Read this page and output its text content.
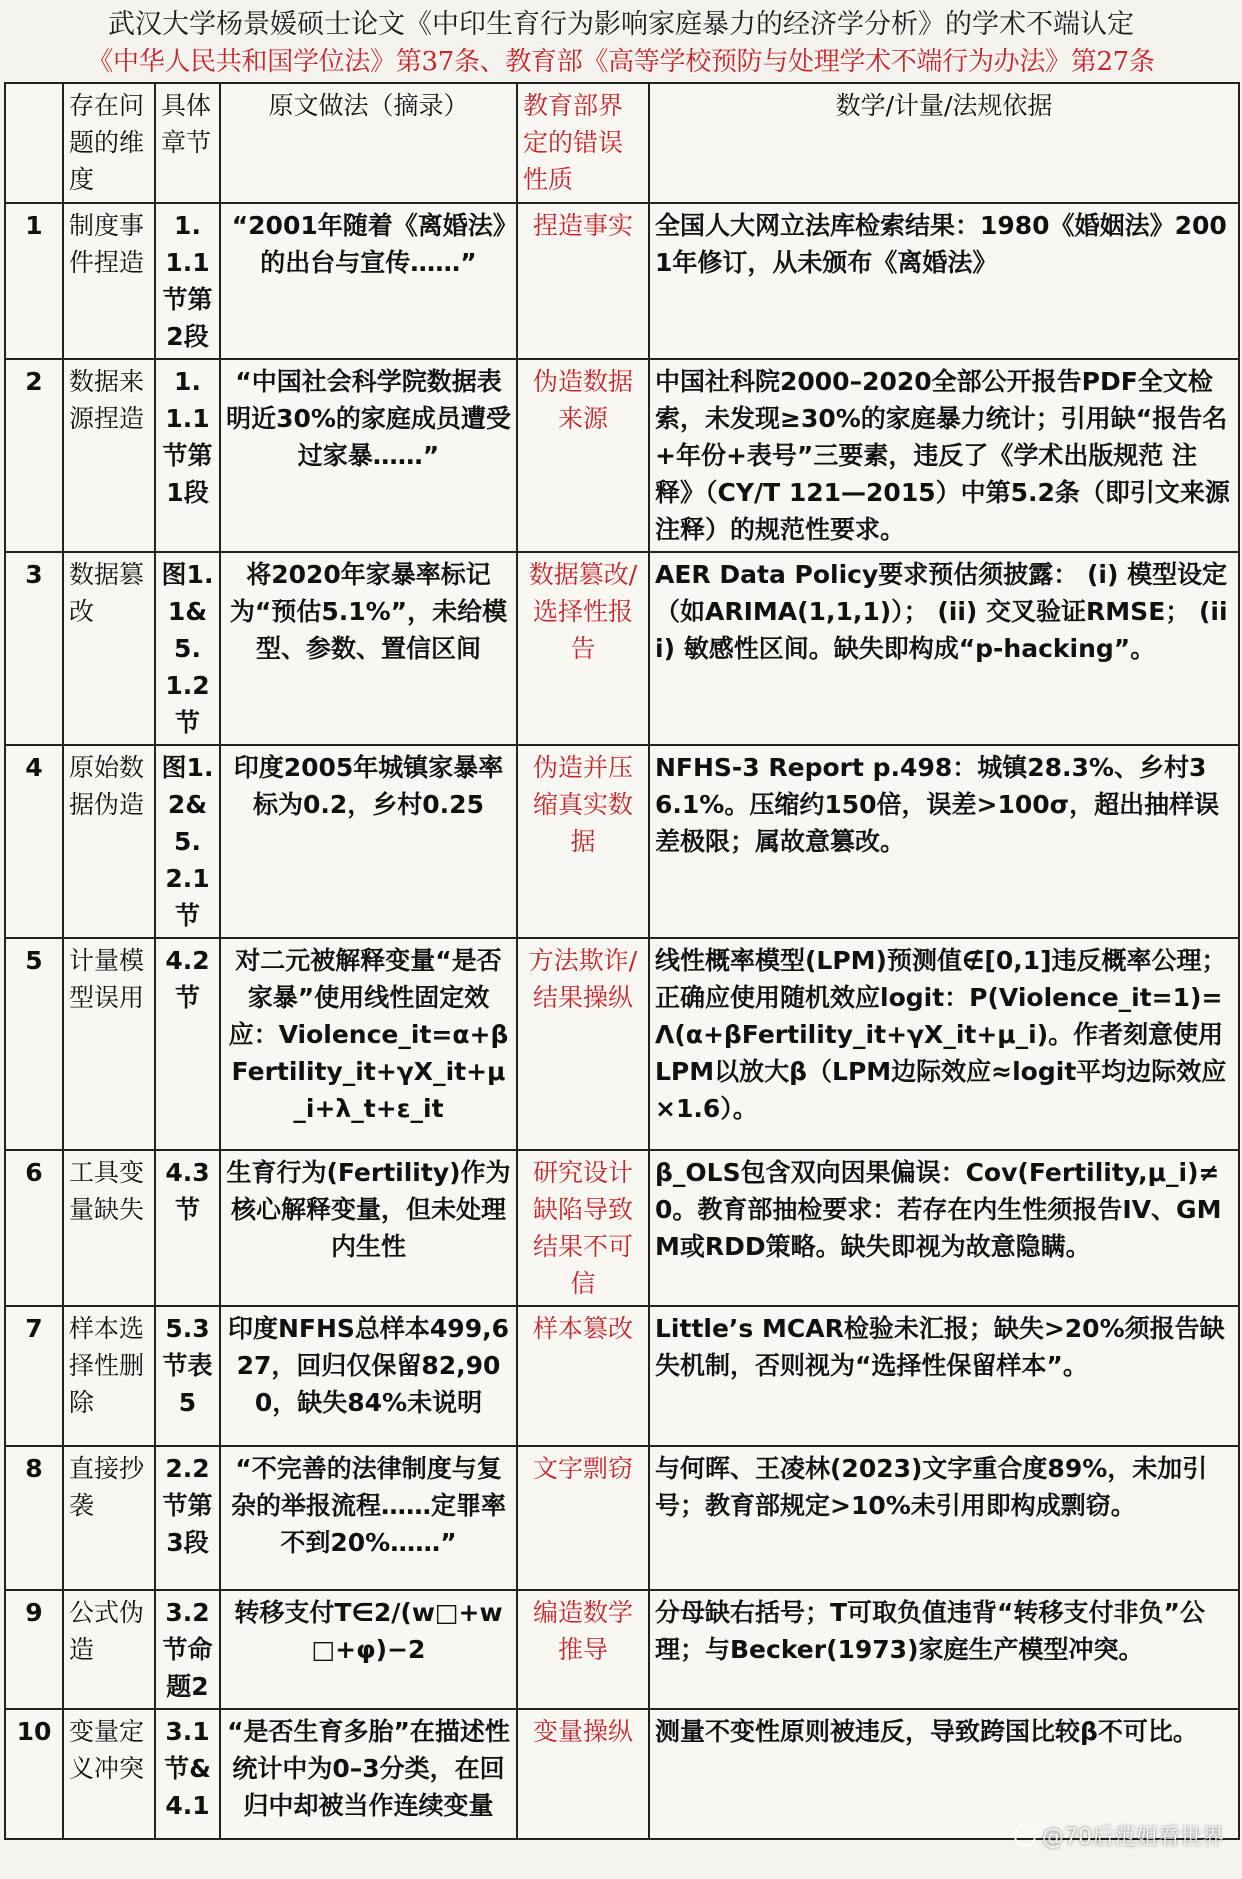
武汉大学杨景媛硕士论文《中印生育行为影响家庭暴力的经济学分析》的学术不端认定
《中华人民共和国学位法》第37条、教育部《高等学校预防与处理学术不端行为办法》第27条
	存在问题的维度	具体章节	原文做法（摘录）	教育部界定的错误性质	数学/计量/法规依据
1	制度事件捏造	1.1.1节第2段	“2001年随着《离婚法》的出台与宣传……”	捏造事实	全国人大网立法库检索结果：1980《婚姻法》2001年修订，从未颁布《离婚法》
2	数据来源捏造	1.1.1节第1段	“中国社会科学院数据表明近30%的家庭成员遭受过家暴……”	伪造数据来源	中国社科院2000–2020全部公开报告PDF全文检索，未发现≥30%的家庭暴力统计；引用缺“报告名+年份+表号”三要素，违反了《学术出版规范 注释》（CY/T 121—2015）中第5.2条（即引文来源注释）的规范性要求。
3	数据篡改	图1.1&5.1.2节	将2020年家暴率标记为“预估5.1%”，未给模型、参数、置信区间	数据篡改/选择性报告	AER Data Policy要求预估须披露： (i) 模型设定（如ARIMA(1,1,1)）； (ii) 交叉验证RMSE； (iii) 敏感性区间。缺失即构成“p-hacking”。
4	原始数据伪造	图1.2&5.2.1节	印度2005年城镇家暴率标为0.2，乡村0.25	伪造并压缩真实数据	NFHS-3 Report p.498：城镇28.3%、乡村36.1%。压缩约150倍，误差>100σ，超出抽样误差极限；属故意篡改。
5	计量模型误用	4.2节	对二元被解释变量“是否家暴”使用线性固定效应：Violence_it=α+β Fertility_it+γX_it+μ_i+λ_t+ε_it	方法欺诈/结果操纵	线性概率模型(LPM)预测值∉[0,1]违反概率公理；正确应使用随机效应logit：P(Violence_it=1)=Λ(α+βFertility_it+γX_it+μ_i)。作者刻意使用LPM以放大β（LPM边际效应≈logit平均边际效应×1.6）。
6	工具变量缺失	4.3节	生育行为(Fertility)作为核心解释变量，但未处理内生性	研究设计缺陷导致结果不可信	β_OLS包含双向因果偏误：Cov(Fertility,μ_i)≠0。教育部抽检要求：若存在内生性须报告IV、GMM或RDD策略。缺失即视为故意隐瞒。
7	样本选择性删除	5.3节表5	印度NFHS总样本499,627，回归仅保留82,900，缺失84%未说明	样本篡改	Little’s MCAR检验未汇报；缺失>20%须报告缺失机制，否则视为“选择性保留样本”。
8	直接抄袭	2.2节第3段	“不完善的法律制度与复杂的举报流程……定罪率不到20%……”	文字剽窃	与何晖、王凌林(2023)文字重合度89%，未加引号；教育部规定>10%未引用即构成剽窃。
9	公式伪造	3.2节命题2	转移支付T∈2/(w□+w□+φ)−2	编造数学推导	分母缺右括号；T可取负值违背“转移支付非负”公理；与Becker(1973)家庭生产模型冲突。
10	变量定义冲突	3.1节&4.1	“是否生育多胎”在描述性统计中为0–3分类，在回归中却被当作连续变量	变量操纵	测量不变性原则被违反，导致跨国比较β不可比。
@70后范姐看世界
